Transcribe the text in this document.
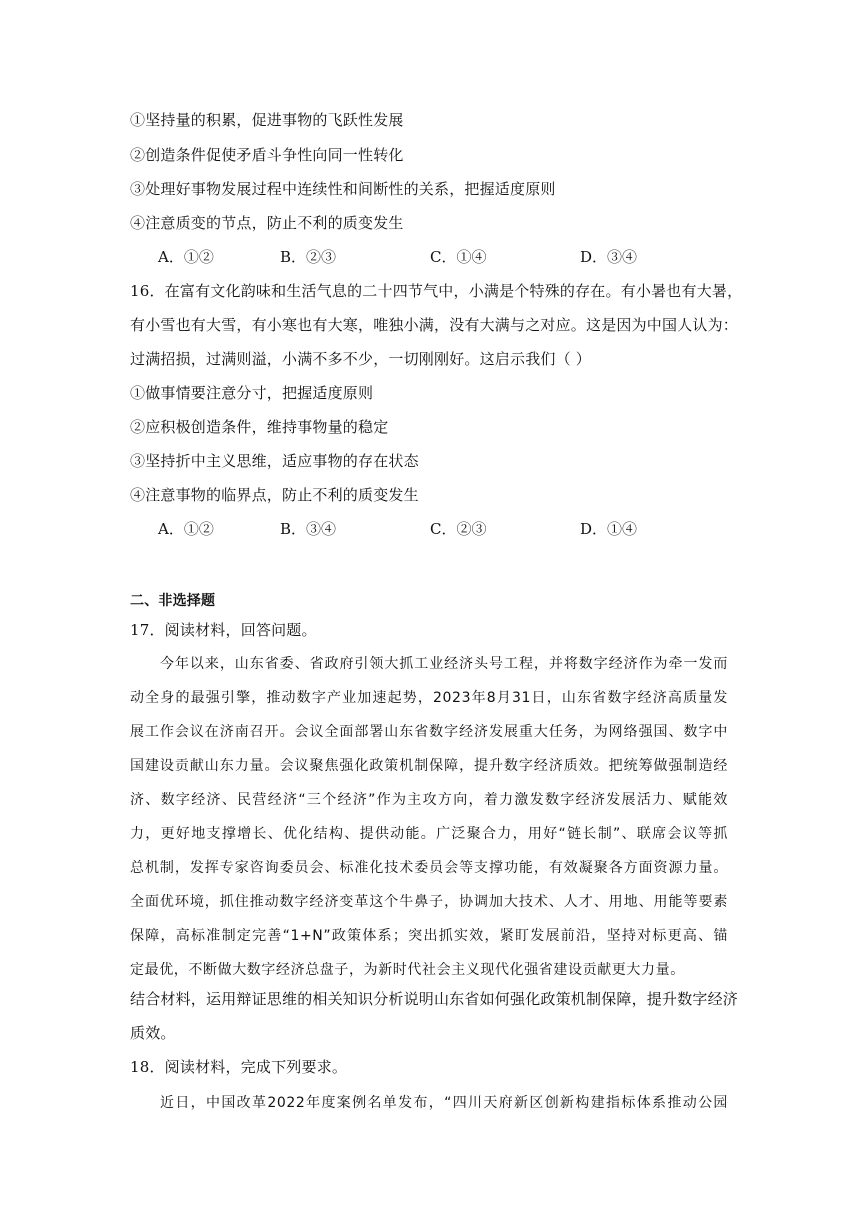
①坚持量的积累，促进事物的飞跃性发展
②创造条件促使矛盾斗争性向同一性转化
③处理好事物发展过程中连续性和间断性的关系，把握适度原则
④注意质变的节点，防止不利的质变发生
A．①②	B．②③	C．①④	D．③④
16．在富有文化韵味和生活气息的二十四节气中，小满是个特殊的存在。有小暑也有大暑，
有小雪也有大雪，有小寒也有大寒，唯独小满，没有大满与之对应。这是因为中国人认为：
过满招损，过满则溢，小满不多不少，一切刚刚好。这启示我们（ ）
①做事情要注意分寸，把握适度原则
②应积极创造条件，维持事物量的稳定
③坚持折中主义思维，适应事物的存在状态
④注意事物的临界点，防止不利的质变发生
A．①②	B．③④	C．②③	D．①④
二、非选择题
17．阅读材料，回答问题。
今年以来，山东省委、省政府引领大抓工业经济头号工程，并将数字经济作为牵一发而
动全身的最强引擎，推动数字产业加速起势，2023年8月31日，山东省数字经济高质量发
展工作会议在济南召开。会议全面部署山东省数字经济发展重大任务，为网络强国、数字中
国建设贡献山东力量。会议聚焦强化政策机制保障，提升数字经济质效。把统筹做强制造经
济、数字经济、民营经济“三个经济”作为主攻方向，着力激发数字经济发展活力、赋能效
力，更好地支撑增长、优化结构、提供动能。广泛聚合力，用好“链长制”、联席会议等抓
总机制，发挥专家咨询委员会、标准化技术委员会等支撑功能，有效凝聚各方面资源力量。
全面优环境，抓住推动数字经济变革这个牛鼻子，协调加大技术、人才、用地、用能等要素
保障，高标准制定完善“1+N”政策体系；突出抓实效，紧盯发展前沿，坚持对标更高、锚
定最优，不断做大数字经济总盘子，为新时代社会主义现代化强省建设贡献更大力量。
结合材料，运用辩证思维的相关知识分析说明山东省如何强化政策机制保障，提升数字经济
质效。
18．阅读材料，完成下列要求。
近日，中国改革2022年度案例名单发布，“四川天府新区创新构建指标体系推动公园
